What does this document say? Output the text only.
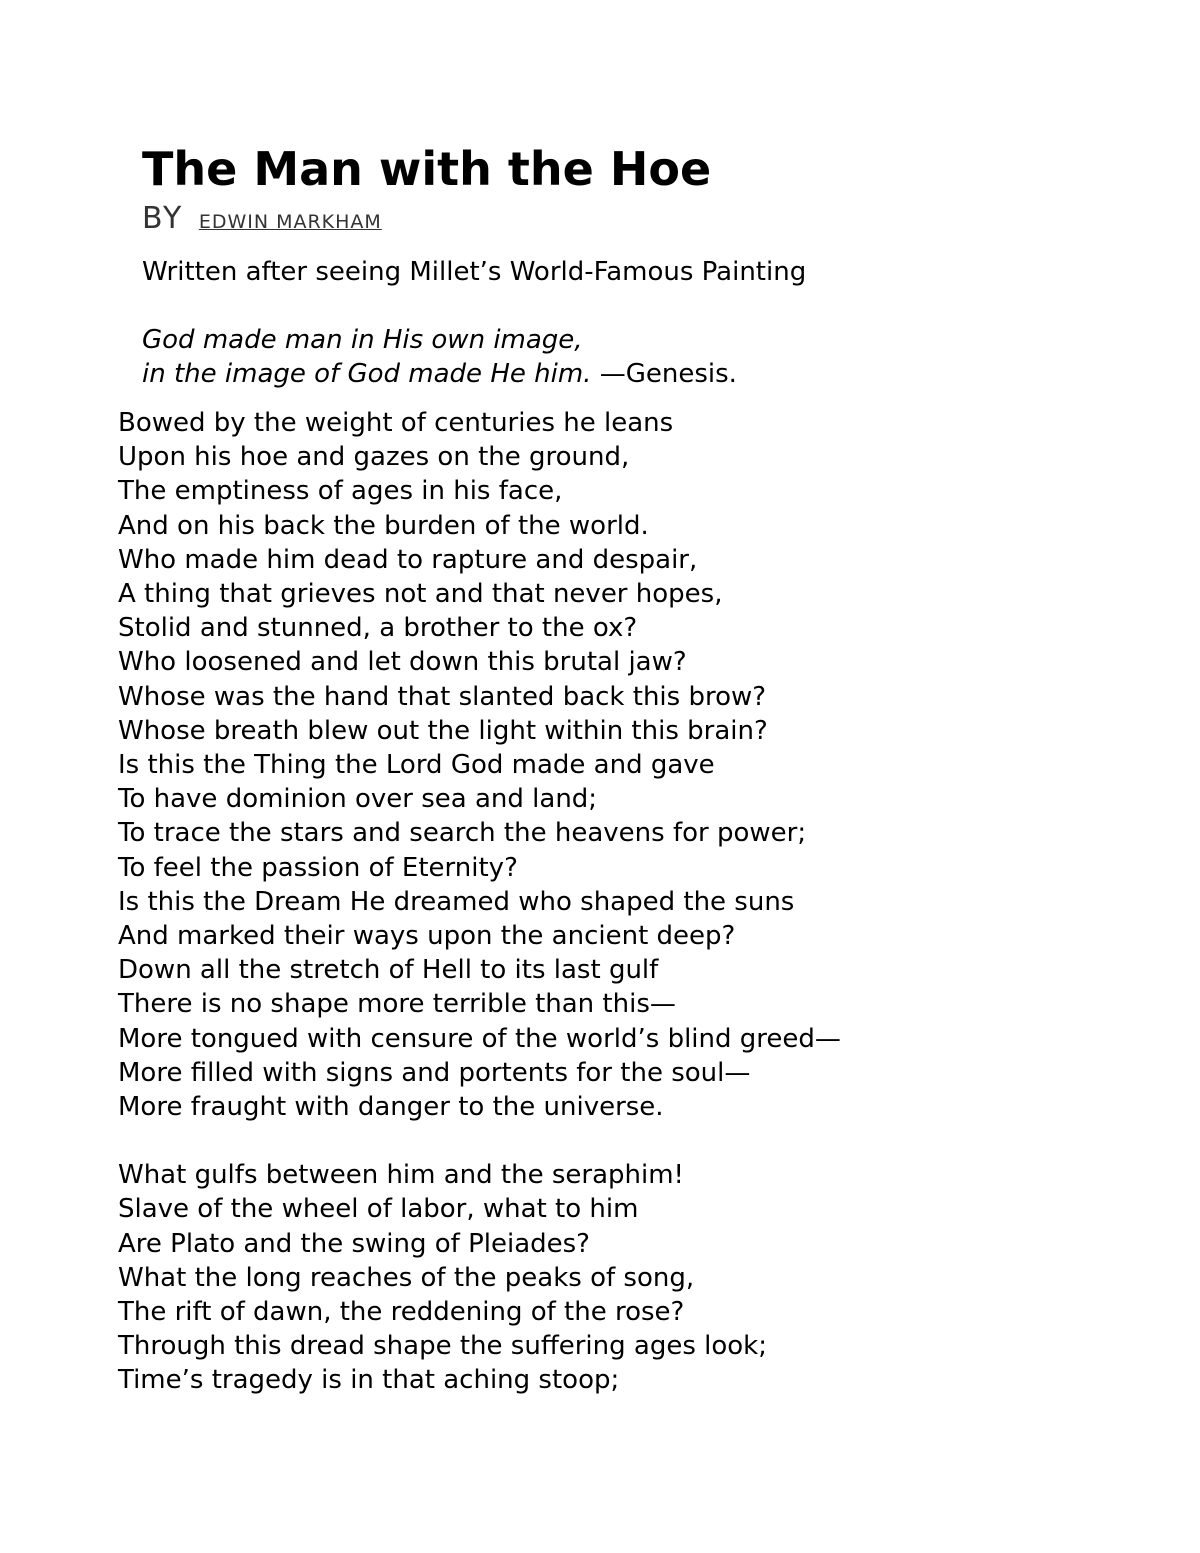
The Man with the Hoe
BY EDWIN MARKHAM
Written after seeing Millet’s World-Famous Painting
God made man in His own image,
in the image of God made He him. —Genesis.
Bowed by the weight of centuries he leans
Upon his hoe and gazes on the ground,
The emptiness of ages in his face,
And on his back the burden of the world.
Who made him dead to rapture and despair,
A thing that grieves not and that never hopes,
Stolid and stunned, a brother to the ox?
Who loosened and let down this brutal jaw?
Whose was the hand that slanted back this brow?
Whose breath blew out the light within this brain?
Is this the Thing the Lord God made and gave
To have dominion over sea and land;
To trace the stars and search the heavens for power;
To feel the passion of Eternity?
Is this the Dream He dreamed who shaped the suns
And marked their ways upon the ancient deep?
Down all the stretch of Hell to its last gulf
There is no shape more terrible than this—
More tongued with censure of the world’s blind greed—
More filled with signs and portents for the soul—
More fraught with danger to the universe.
What gulfs between him and the seraphim!
Slave of the wheel of labor, what to him
Are Plato and the swing of Pleiades?
What the long reaches of the peaks of song,
The rift of dawn, the reddening of the rose?
Through this dread shape the suffering ages look;
Time’s tragedy is in that aching stoop;
